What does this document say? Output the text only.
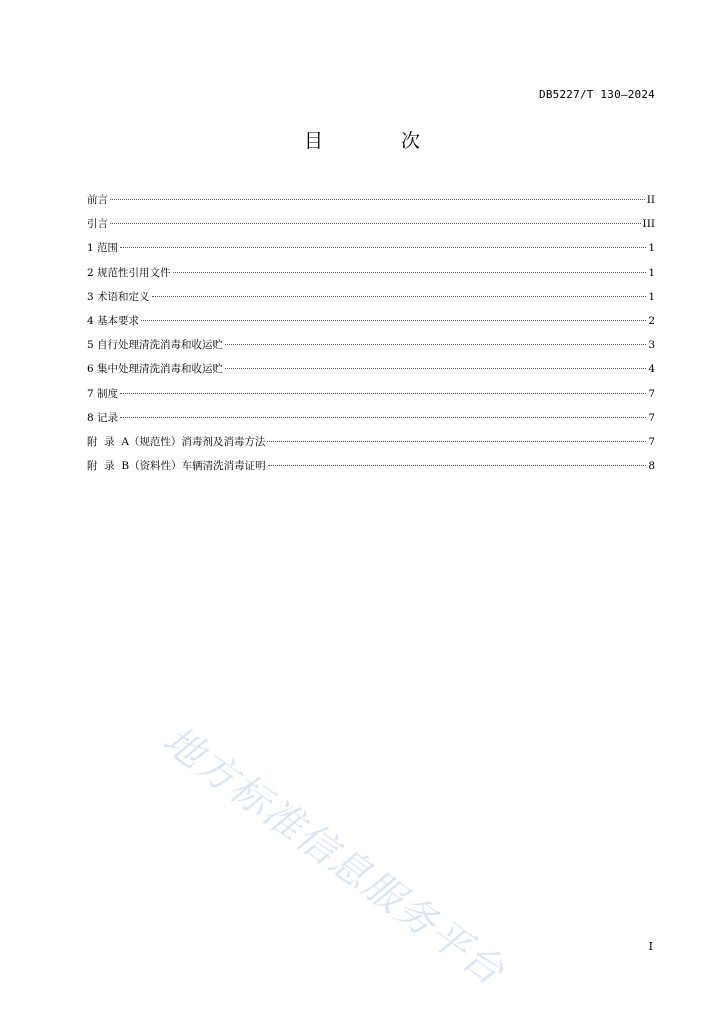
DB5227/T 130—2024
目 次
前言	II
引言	III
1 范围	1
2 规范性引用文件	1
3 术语和定义	1
4 基本要求	2
5 自行处理清洗消毒和收运贮	3
6 集中处理清洗消毒和收运贮	4
7 制度	7
8 记录	7
附  录  A（规范性）消毒剂及消毒方法	7
附  录  B（资料性）车辆清洗消毒证明	8
地方标准信息服务平台	I
